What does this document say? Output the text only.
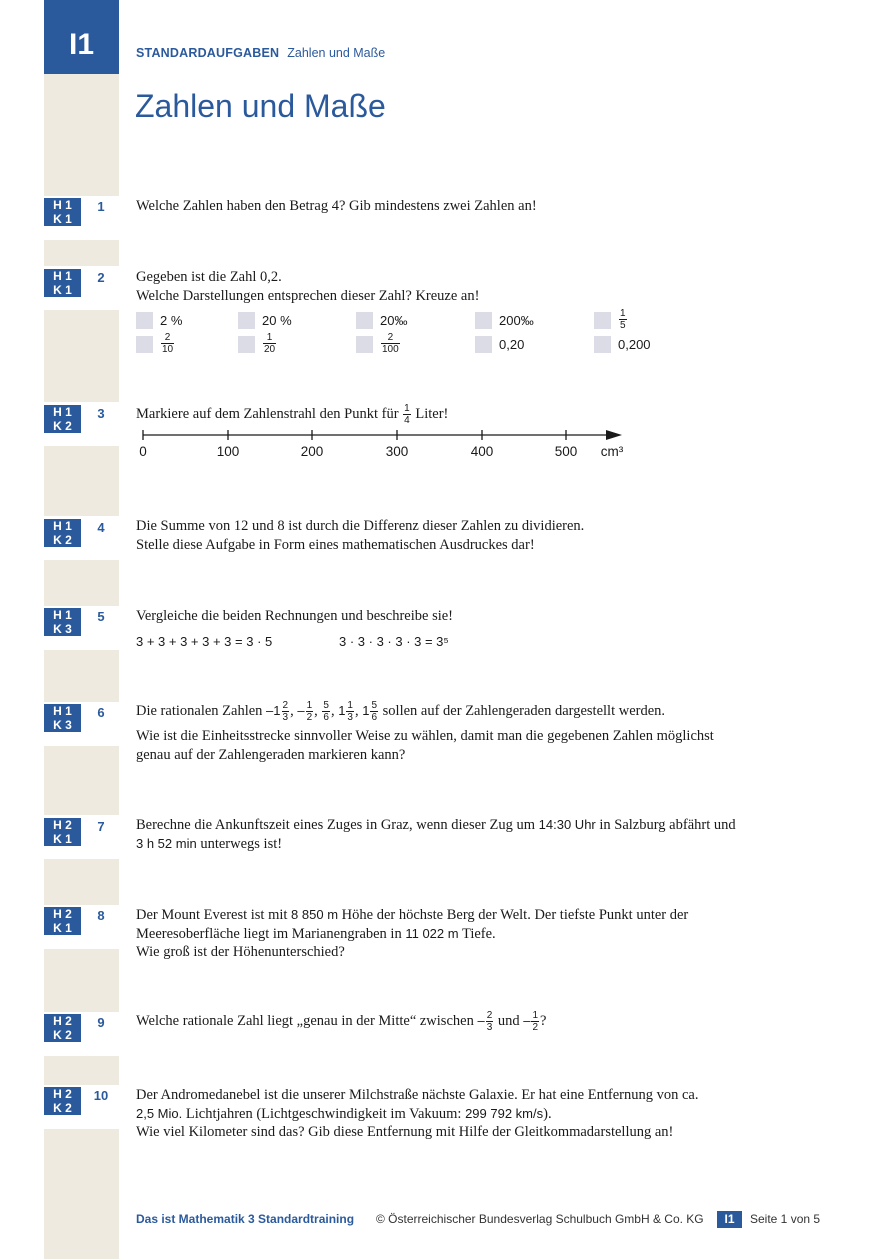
I1	STANDARDAUFGABEN Zahlen und Maße
Zahlen und Maße
H 1
K 1
1	Welche Zahlen haben den Betrag 4? Gib mindestens zwei Zahlen an!
H 1
K 1
2	Gegeben ist die Zahl 0,2.
Welche Darstellungen entsprechen dieser Zahl? Kreuze an!
2 %	20 %	20‰	200‰	$\frac{1}{5}$
$\frac{2}{10}$	$\frac{1}{20}$	$\frac{2}{100}$	0,20	0,200
H 1
K 2
3	Markiere auf dem Zahlenstrahl den Punkt für $\frac{1}{4}$ Liter!
0	100	200	300	400	500 cm³
H 1
K 2
4	Die Summe von 12 und 8 ist durch die Differenz dieser Zahlen zu dividieren.
Stelle diese Aufgabe in Form eines mathematischen Ausdruckes dar!
H 1
K 3
5	Vergleiche die beiden Rechnungen und beschreibe sie!
3 + 3 + 3 + 3 + 3 = 3 · 5	3 · 3 · 3 · 3 · 3 = 3⁵
H 1
K 3
6	Die rationalen Zahlen $-1 \frac{2}{3}$ , – $\frac{1}{2}$ , $\frac{5}{6}$ , $1 \frac{1}{3}$ , $1 \frac{5}{6}$ sollen auf der Zahlengeraden dargestellt werden.
Wie ist die Einheitsstrecke sinnvoller Weise zu wählen, damit man die gegebenen Zahlen möglichst
genau auf der Zahlengeraden markieren kann?
H 2
K 1
7	Berechne die Ankunftszeit eines Zuges in Graz, wenn dieser Zug um 14:30 Uhr in Salzburg abfährt und
3 h 52 min unterwegs ist!
H 2
K 1
8	Der Mount Everest ist mit 8 850 m Höhe der höchste Berg der Welt. Der tiefste Punkt unter der
Meeresoberfläche liegt im Marianengraben in 11 022 m Tiefe.
Wie groß ist der Höhenunterschied?
H 2
K 2
9	Welche rationale Zahl liegt „genau in der Mitte“ zwischen – $\frac{2}{3}$ und – $\frac{1}{2}$ ?
H 2
K 2
10	Der Andromedanebel ist die unserer Milchstraße nächste Galaxie. Er hat eine Entfernung von ca.
2,5 Mio. Lichtjahren (Lichtgeschwindigkeit im Vakuum: 299 792 km/s).
Wie viel Kilometer sind das? Gib diese Entfernung mit Hilfe der Gleitkommadarstellung an!
Das ist Mathematik 3 Standardtraining © Österreichischer Bundesverlag Schulbuch GmbH & Co. KG	I1	Seite 1 von 5
